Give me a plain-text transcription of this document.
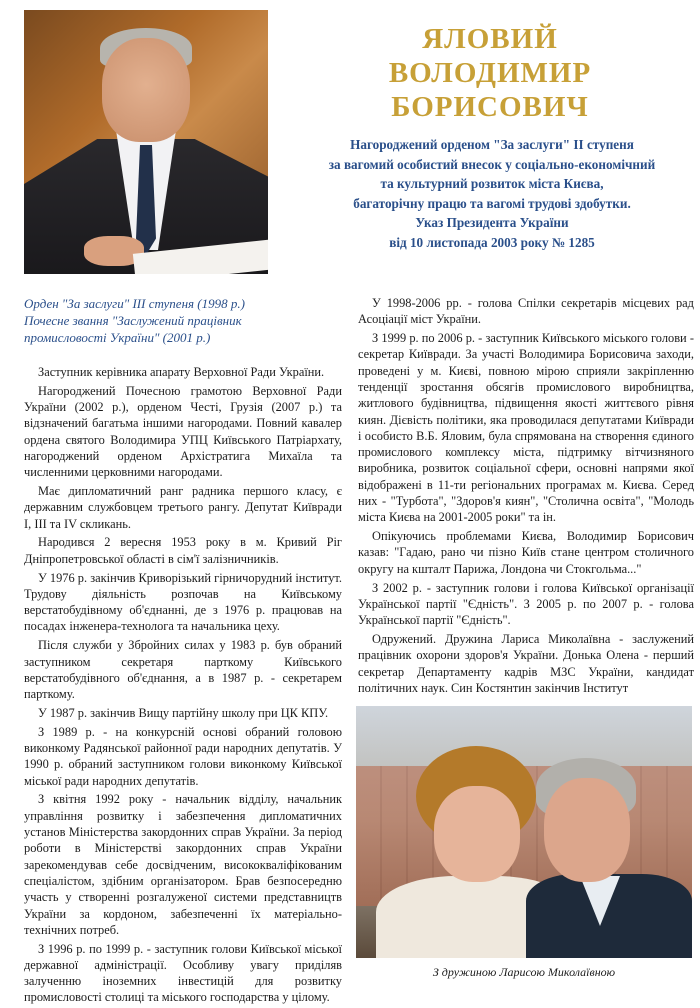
ЯЛОВИЙ
ВОЛОДИМИР БОРИСОВИЧ
Нагороджений орденом "За заслуги" II ступеня
за вагомий особистий внесок у соціально-економічний
та культурний розвиток міста Києва,
багаторічну працю та вагомі трудові здобутки.
Указ Президента України
від 10 листопада 2003 року № 1285
Орден "За заслуги" III ступеня (1998 р.)
Почесне звання "Заслужений працівник
промисловості України" (2001 р.)

Заступник керівника апарату Верховної Ради України.

Нагороджений Почесною грамотою Верховної Ради України (2002 р.), орденом Честі, Грузія (2007 р.) та відзначений багатьма іншими нагородами. Повний кавалер ордена святого Володимира УПЦ Київського Патріархату, нагороджений орденом Архістратига Михаїла та численними церковними нагородами.

Має дипломатичний ранг радника першого класу, є державним службовцем третього рангу. Депутат Київради I, III та IV скликань.

Народився 2 вересня 1953 року в м. Кривий Ріг Дніпропетровської області в сім'ї залізничників.

У 1976 р. закінчив Криворізький гірничорудний інститут. Трудову діяльність розпочав на Київському верстатобудівному об'єднанні, де з 1976 р. працював на посадах інженера-технолога та начальника цеху.

Після служби у Збройних силах у 1983 р. був обраний заступником секретаря парткому Київського верстатобудівного об'єднання, а в 1987 р. - секретарем парткому.

У 1987 р. закінчив Вищу партійну школу при ЦК КПУ.

З 1989 р. - на конкурсній основі обраний головою виконкому Радянської районної ради народних депутатів. У 1990 р. обраний заступником голови виконкому Київської міської ради народних депутатів.

З квітня 1992 року - начальник відділу, начальник управління розвитку і забезпечення дипломатичних установ Міністерства закордонних справ України. За період роботи в Міністерстві закордонних справ України зарекомендував себе досвідченим, висококваліфікованим спеціалістом, здібним організатором. Брав безпосередню участь у створенні розгалуженої системи представництв України за кордоном, забезпеченні їх матеріально-технічних потреб.

З 1996 р. по 1999 р. - заступник голови Київської міської державної адміністрації. Особливу увагу приділяв залученню іноземних інвестицій для розвитку промисловості столиці та міського господарства у цілому.

У 1998-2006 рр. - голова Спілки секретарів місцевих рад Асоціації міст України.

З 1999 р. по 2006 р. - заступник Київського міського голови - секретар Київради. За участі Володимира Борисовича заходи, проведені у м. Києві, повною мірою сприяли закріпленню тенденції зростання обсягів промислового виробництва, житлового будівництва, підвищення якості життєвого рівня киян. Дієвість політики, яка проводилася депутатами Київради і особисто В.Б. Яловим, була спрямована на створення єдиного промислового комплексу міста, підтримку вітчизняного виробника, розвиток соціальної сфери, основні напрями якої відображені в 11-ти регіональних програмах м. Києва. Серед них - "Турбота", "Здоров'я киян", "Столична освіта", "Молодь міста Києва на 2001-2005 роки" та ін.

Опікуючись проблемами Києва, Володимир Борисович казав: "Гадаю, рано чи пізно Київ стане центром столичного округу на кшталт Парижа, Лондона чи Стокгольма..."

З 2002 р. - заступник голови і голова Київської організації Української партії "Єдність". З 2005 р. по 2007 р. - голова Української партії "Єдність".

Одружений. Дружина Лариса Миколаївна - заслужений працівник охорони здоров'я України. Донька Олена - перший секретар Департаменту кадрів МЗС України, кандидат політичних наук. Син Костянтин закінчив Інститут

З дружиною Ларисою Миколаївною
